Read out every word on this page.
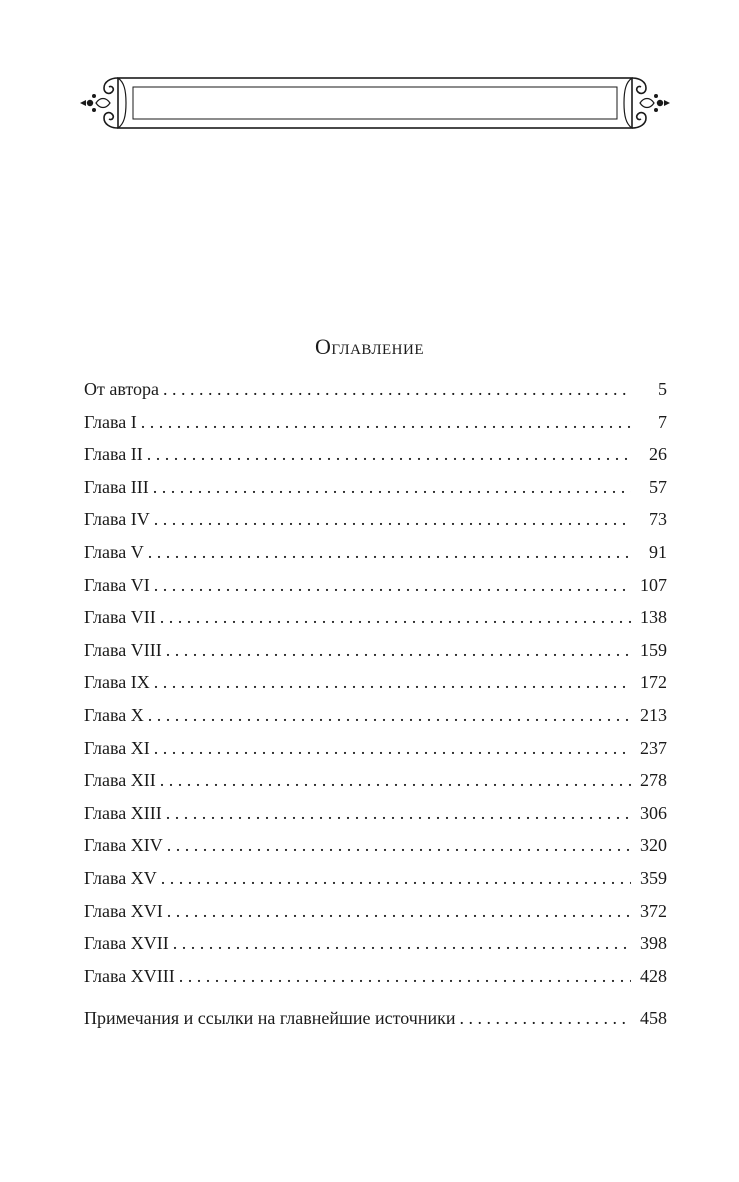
Оглавление
От автора . . .	5
Глава I . . .	7
Глава II . . .	26
Глава III . . .	57
Глава IV . . .	73
Глава V . . .	91
Глава VI . . .	107
Глава VII . . .	138
Глава VIII . . .	159
Глава IX . . .	172
Глава X . . .	213
Глава XI . . .	237
Глава XII . . .	278
Глава XIII . . .	306
Глава XIV . . .	320
Глава XV . . .	359
Глава XVI . . .	372
Глава XVII . . .	398
Глава XVIII . . .	428
Примечания и ссылки на главнейшие источники . . .	458
